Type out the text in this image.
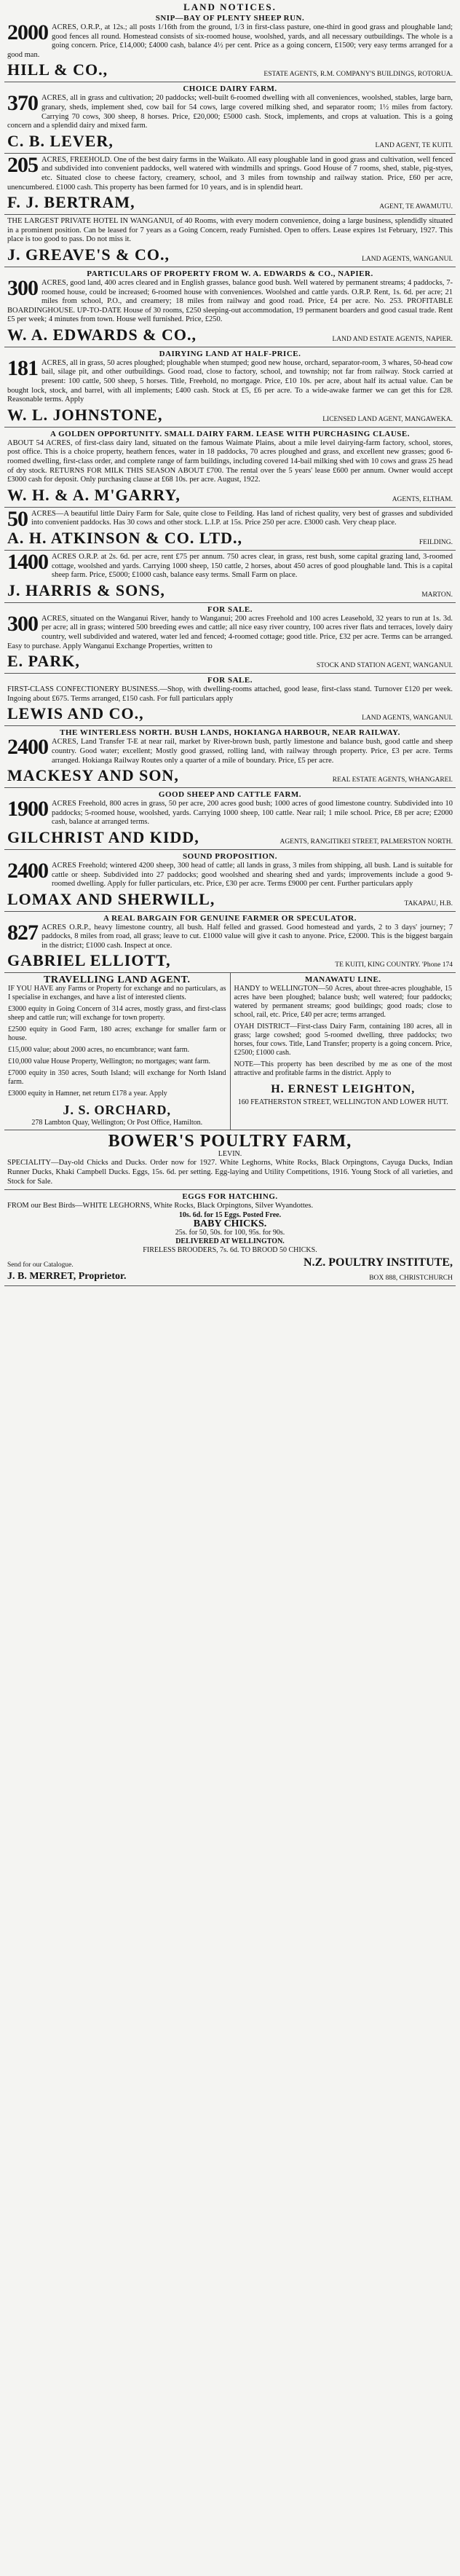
LAND NOTICES.
SNIP—BAY OF PLENTY SHEEP RUN.
2000 ACRES, O.R.P., at 12s.; all posts 1/16th from the ground, 1/3 in first-class pasture, one-third in good grass and ploughable land; good fences all round. Homestead consists of six-roomed house, woolshed, yards, and all necessary outbuildings. The whole is a going concern. Price, £14,000; £4000 cash, balance 4½ per cent. Price as a going concern, £1500; very easy terms arranged for a good man.

HILL & CO.,	ESTATE AGENTS, R.M. COMPANY'S BUILDINGS, ROTORUA.
CHOICE DAIRY FARM.
370 ACRES, all in grass and cultivation; 20 paddocks; well-built 6-roomed dwelling with all conveniences, woolshed, stables, large barn, granary, sheds, implement shed, cow bail for 54 cows, large covered milking shed, and separator room; 1½ miles from factory. Carrying 70 cows, 300 sheep, 8 horses. Price, £20,000; £5000 cash. Stock, implements, and crops at valuation. This is a going concern and a splendid dairy and mixed farm.

C. B. LEVER,	LAND AGENT, TE KUITI.
205 ACRES, FREEHOLD. One of the best dairy farms in the Waikato. All easy ploughable land in good grass and cultivation, well fenced and subdivided into convenient paddocks, well watered with windmills and springs. Good House of 7 rooms, shed, stable, pig-styes, etc. Situated close to cheese factory, creamery, school, and 3 miles from township and railway station. Price, £60 per acre, unencumbered. £1000 cash. This property has been farmed for 10 years, and is in splendid heart.

F. J. BERTRAM,	AGENT, TE AWAMUTU.

THE LARGEST PRIVATE HOTEL IN WANGANUI, of 40 Rooms, with every modern convenience, doing a large business, splendidly situated in a prominent position. Can be leased for 7 years as a Going Concern, ready Furnished. Open to offers. Lease expires 1st February, 1927. This place is too good to pass. Do not miss it.

J. GREAVE'S & CO.,	LAND AGENTS, WANGANUI.
PARTICULARS OF PROPERTY FROM W. A. EDWARDS & CO., NAPIER.
300 ACRES, good land, 400 acres cleared and in English grasses, balance good bush. Well watered by permanent streams; 4 paddocks, 7-roomed house, could be increased; 6-roomed house with conveniences. Woolshed and cattle yards. O.R.P. Rent, 1s. 6d. per acre; 21 miles from school, P.O., and creamery; 18 miles from railway and good road. Price, £4 per acre. No. 253. PROFITABLE BOARDINGHOUSE. UP-TO-DATE House of 30 rooms, £250 sleeping-out accommodation, 19 permanent boarders and good casual trade. Rent £5 per week; 4 minutes from town. House well furnished. Price, £250.

W. A. EDWARDS & CO.,	LAND AND ESTATE AGENTS, NAPIER.
DAIRYING LAND AT HALF-PRICE.
181 ACRES, all in grass, 50 acres ploughed; ploughable when stumped; good new house, orchard, separator-room, 3 whares, 50-head cow bail, silage pit, and other outbuildings. Good road, close to factory, school, and township; not far from railway. Stock carried at present: 100 cattle, 500 sheep, 5 horses. Title, Freehold, no mortgage. Price, £10 10s. per acre, about half its actual value. Can be bought lock, stock, and barrel, with all implements; £400 cash. Stock at £5, £6 per acre. To a wide-awake farmer we can get this for £28. Reasonable terms. Apply

W. L. JOHNSTONE,	LICENSED LAND AGENT, MANGAWEKA.
A GOLDEN OPPORTUNITY. SMALL DAIRY FARM. LEASE WITH PURCHASING CLAUSE.

ABOUT 54 ACRES, of first-class dairy land, situated on the famous Waimate Plains, about a mile level dairying-farm factory, school, stores, post office. This is a choice property, heathern fences, water in 18 paddocks, 70 acres ploughed and grass, and excellent new grasses; good 6-roomed dwelling, first-class order, and complete range of farm buildings, including covered 14-bail milking shed with 10 cows and grass 25 head of dry stock. RETURNS FOR MILK THIS SEASON ABOUT £700. The rental over the 5 years' lease £600 per annum. Owner would accept £3000 cash for deposit. Only purchasing clause at £68 10s. per acre. August, 1922.

W. H. & A. M'GARRY,	AGENTS, ELTHAM.
50 ACRES—A beautiful little Dairy Farm for Sale, quite close to Feilding. Has land of richest quality, very best of grasses and subdivided into convenient paddocks. Has 30 cows and other stock. L.I.P. at 15s. Price 250 per acre. £3000 cash. Very cheap place.

A. H. ATKINSON & CO. LTD.,	FEILDING.
1400 ACRES O.R.P. at 2s. 6d. per acre, rent £75 per annum. 750 acres clear, in grass, rest bush, some capital grazing land, 3-roomed cottage, woolshed and yards. Carrying 1000 sheep, 150 cattle, 2 horses, about 450 acres of good ploughable land. This is a capital sheep farm. Price, £5000; £1000 cash, balance easy terms. Small Farm on place.

J. HARRIS & SONS,	MARTON.
FOR SALE.
300 ACRES, situated on the Wanganui River, handy to Wanganui; 200 acres Freehold and 100 acres Leasehold, 32 years to run at 1s. 3d. per acre; all in grass; wintered 500 breeding ewes and cattle; all nice easy river country, 100 acres river flats and terraces, lovely dairy country, well subdivided and watered, water led and fenced; 4-roomed cottage; good title. Price, £32 per acre. Terms can be arranged. Easy to purchase. Apply Wanganui Exchange Properties, written to

E. PARK,	STOCK AND STATION AGENT, WANGANUI.
FOR SALE.

FIRST-CLASS CONFECTIONERY BUSINESS.—Shop, with dwelling-rooms attached, good lease, first-class stand. Turnover £120 per week. Ingoing about £675. Terms arranged, £150 cash. For full particulars apply

LEWIS AND CO.,	LAND AGENTS, WANGANUI.
THE WINTERLESS NORTH. BUSH LANDS, HOKIANGA HARBOUR, NEAR RAILWAY.
2400 ACRES, Land Transfer T-E at near rail, market by River-brown bush, partly limestone and balance bush, good cattle and sheep country. Good water; excellent; Mostly good grassed, rolling land, with railway through property. Price, £3 per acre. Terms arranged. Hokianga Railway Routes only a quarter of a mile of boundary. Price, £5 per acre.

MACKESY AND SON,	REAL ESTATE AGENTS, WHANGAREI.
GOOD SHEEP AND CATTLE FARM.
1900 ACRES Freehold, 800 acres in grass, 50 per acre, 200 acres good bush; 1000 acres of good limestone country. Subdivided into 10 paddocks; 5-roomed house, woolshed, yards. Carrying 1000 sheep, 100 cattle. Near rail; 1 mile school. Price, £8 per acre; £2000 cash, balance at arranged terms.

GILCHRIST AND KIDD,	AGENTS, RANGITIKEI STREET, PALMERSTON NORTH.
SOUND PROPOSITION.
2400 ACRES Freehold; wintered 4200 sheep, 300 head of cattle; all lands in grass, 3 miles from shipping, all bush. Land is suitable for cattle or sheep. Subdivided into 27 paddocks; good woolshed and shearing shed and yards; improvements include a good 9-roomed dwelling. Apply for fuller particulars, etc. Price, £30 per acre. Terms £9000 per cent. Further particulars apply

LOMAX AND SHERWILL,	TAKAPAU, H.B.
A REAL BARGAIN FOR GENUINE FARMER OR SPECULATOR.
827 ACRES O.R.P., heavy limestone country, all bush. Half felled and grassed. Good homestead and yards, 2 to 3 days' journey; 7 paddocks, 8 miles from road, all grass; leave to cut. £1000 value will give it cash to anyone. Price, £2000. This is the biggest bargain in the district; £1000 cash. Inspect at once.

GABRIEL ELLIOTT,	TE KUITI, KING COUNTRY. 'Phone 174
TRAVELLING LAND AGENT.

IF YOU HAVE any Farms or Property for exchange and no particulars, as I specialise in exchanges, and have a list of interested clients.

£3000 equity in Going Concern of 314 acres, mostly grass, and first-class sheep and cattle run; will exchange for town property.

£2500 equity in Good Farm, 180 acres; exchange for smaller farm or house.

£15,000 value; about 2000 acres, no encumbrance; want farm.

£10,000 value House Property, Wellington; no mortgages; want farm.

£7000 equity in 350 acres, South Island; will exchange for North Island farm.

£3000 equity in Hamner, net return £178 a year. Apply

J. S. ORCHARD,
278 Lambton Quay, Wellington; Or Post Office, Hamilton.
MANAWATU LINE.

HANDY to WELLINGTON—50 Acres, about three-acres ploughable, 15 acres have been ploughed; balance bush; well watered; four paddocks; watered by permanent streams; good buildings; good roads; close to school, rail, etc. Price, £40 per acre; terms arranged.

OYAH DISTRICT—First-class Dairy Farm, containing 180 acres, all in grass; large cowshed; good 5-roomed dwelling, three paddocks; two horses, four cows. Title, Land Transfer; property is a going concern. Price, £2500; £1000 cash.

NOTE—This property has been described by me as one of the most attractive and profitable farms in the district. Apply to

H. ERNEST LEIGHTON,
160 FEATHERSTON STREET, WELLINGTON AND LOWER HUTT.
BOWER'S POULTRY FARM,
LEVIN.

SPECIALITY—Day-old Chicks and Ducks. Order now for 1927. White Leghorns, White Rocks, Black Orpingtons, Cayuga Ducks, Indian Runner Ducks, Khaki Campbell Ducks. Eggs, 15s. 6d. per setting. Egg-laying and Utility Competitions, 1916. Young Stock of all varieties, and Stock for Sale.

EGGS FOR HATCHING.

FROM our Best Birds—WHITE LEGHORNS, White Rocks, Black Orpingtons, Silver Wyandottes.

10s. 6d. for 15 Eggs. Posted Free.
BABY CHICKS.
25s. for 50, 50s. for 100, 95s. for 90s.
DELIVERED AT WELLINGTON.
FIRELESS BROODERS, 7s. 6d. TO BROOD 50 CHICKS.
Send for our Catalogue.	N.Z. POULTRY INSTITUTE,
J. B. MERRET, Proprietor.	BOX 888, CHRISTCHURCH
